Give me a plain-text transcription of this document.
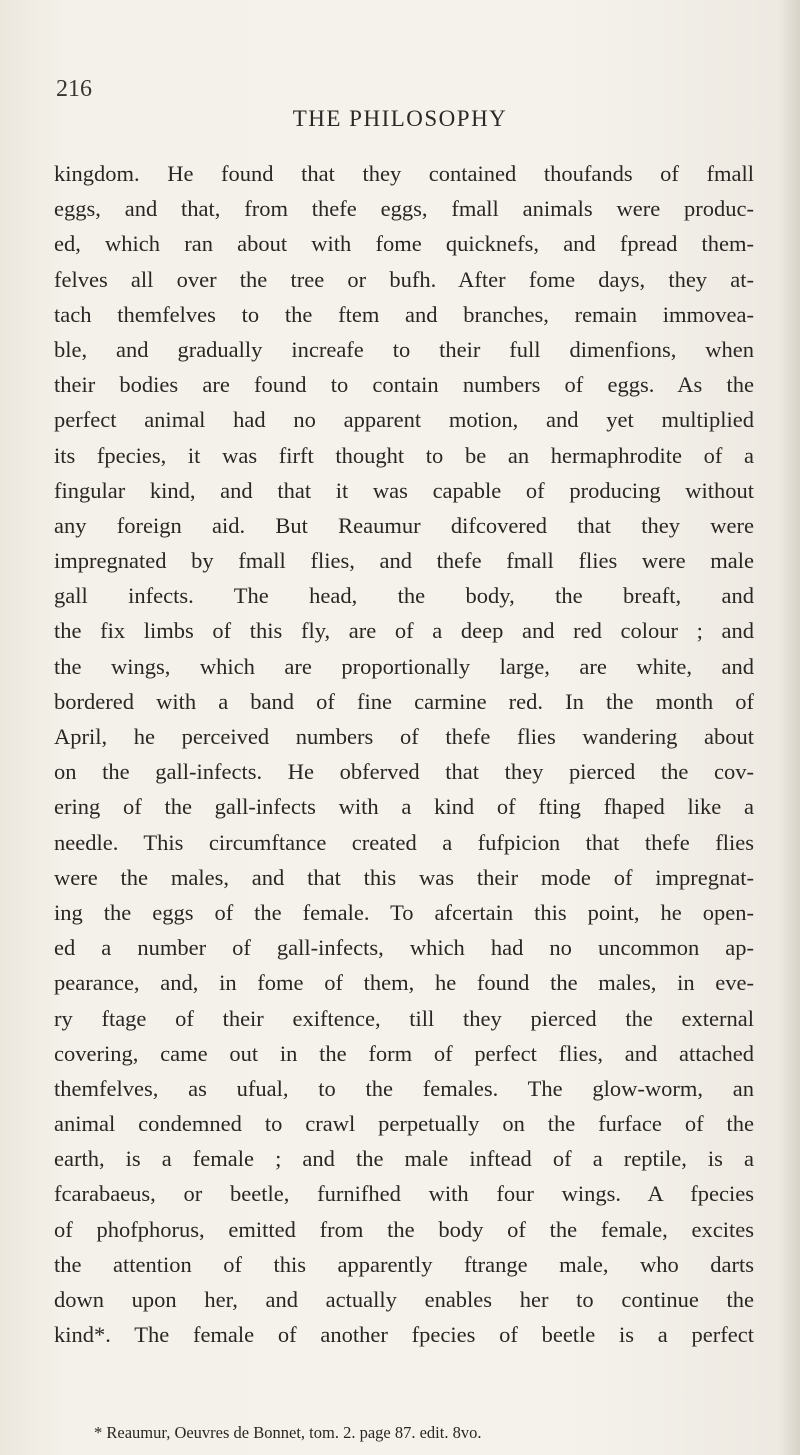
216
THE PHILOSOPHY
kingdom. He found that they contained thoufands of fmall
eggs, and that, from thefe eggs, fmall animals were produc-
ed, which ran about with fome quicknefs, and fpread them-
felves all over the tree or bufh. After fome days, they at-
tach themfelves to the ftem and branches, remain immovea-
ble, and gradually increafe to their full dimenfions, when
their bodies are found to contain numbers of eggs. As the
perfect animal had no apparent motion, and yet multiplied
its fpecies, it was firft thought to be an hermaphrodite of a
fingular kind, and that it was capable of producing without
any foreign aid. But Reaumur difcovered that they were
impregnated by fmall flies, and thefe fmall flies were male
gall infects. The head, the body, the breaft, and
the fix limbs of this fly, are of a deep and red colour ; and
the wings, which are proportionally large, are white, and
bordered with a band of fine carmine red. In the month of
April, he perceived numbers of thefe flies wandering about
on the gall-infects. He obferved that they pierced the cov-
ering of the gall-infects with a kind of fting fhaped like a
needle. This circumftance created a fufpicion that thefe flies
were the males, and that this was their mode of impregnat-
ing the eggs of the female. To afcertain this point, he open-
ed a number of gall-infects, which had no uncommon ap-
pearance, and, in fome of them, he found the males, in eve-
ry ftage of their exiftence, till they pierced the external
covering, came out in the form of perfect flies, and attached
themfelves, as ufual, to the females. The glow-worm, an
animal condemned to crawl perpetually on the furface of the
earth, is a female ; and the male inftead of a reptile, is a
fcarabaeus, or beetle, furnifhed with four wings. A fpecies
of phofphorus, emitted from the body of the female, excites
the attention of this apparently ftrange male, who darts
down upon her, and actually enables her to continue the
kind*. The female of another fpecies of beetle is a perfect
* Reaumur, Oeuvres de Bonnet, tom. 2. page 87. edit. 8vo.
